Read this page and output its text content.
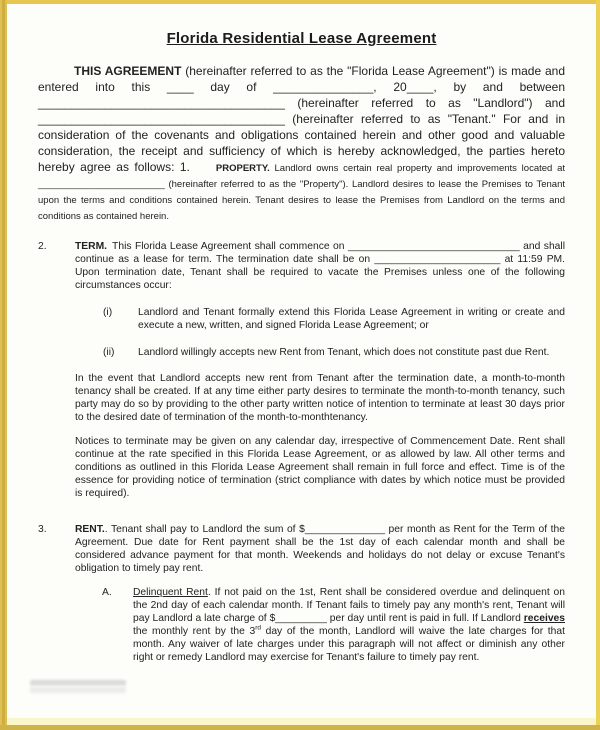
Florida Residential Lease Agreement

THIS AGREEMENT (hereinafter referred to as the "Florida Lease Agreement") is made and entered into this ____ day of _______________, 20____, by and between _____________________________________ (hereinafter referred to as "Landlord") and _____________________________________ (hereinafter referred to as "Tenant." For and in consideration of the covenants and obligations contained herein and other good and valuable consideration, the receipt and sufficiency of which is hereby acknowledged, the parties hereto hereby agree as follows: 1.	PROPERTY. Landlord owns certain real property and improvements located at ________________________ (hereinafter referred to as the "Property"). Landlord desires to lease the Premises to Tenant upon the terms and conditions contained herein. Tenant desires to lease the Premises from Landlord on the terms and conditions as contained herein.

2.	TERM. This Florida Lease Agreement shall commence on ______________________________ and shall continue as a lease for term. The termination date shall be on ______________________ at 11:59 PM. Upon termination date, Tenant shall be required to vacate the Premises unless one of the following circumstances occur:

(i)	Landlord and Tenant formally extend this Florida Lease Agreement in writing or create and execute a new, written, and signed Florida Lease Agreement; or

(ii)	Landlord willingly accepts new Rent from Tenant, which does not constitute past due Rent.

In the event that Landlord accepts new rent from Tenant after the termination date, a month-to-month tenancy shall be created. If at any time either party desires to terminate the month-to-month tenancy, such party may do so by providing to the other party written notice of intention to terminate at least 30 days prior to the desired date of termination of the month-to-monthtenancy.

Notices to terminate may be given on any calendar day, irrespective of Commencement Date. Rent shall continue at the rate specified in this Florida Lease Agreement, or as allowed by law. All other terms and conditions as outlined in this Florida Lease Agreement shall remain in full force and effect. Time is of the essence for providing notice of termination (strict compliance with dates by which notice must be provided is required).

3.	RENT.. Tenant shall pay to Landlord the sum of $______________ per month as Rent for the Term of the Agreement. Due date for Rent payment shall be the 1st day of each calendar month and shall be considered advance payment for that month. Weekends and holidays do not delay or excuse Tenant's obligation to timely pay rent.

A.	Delinquent Rent. If not paid on the 1st, Rent shall be considered overdue and delinquent on the 2nd day of each calendar month. If Tenant fails to timely pay any month's rent, Tenant will pay Landlord a late charge of $_________ per day until rent is paid in full. If Landlord receives the monthly rent by the 3rd day of the month, Landlord will waive the late charges for that month. Any waiver of late charges under this paragraph will not affect or diminish any other right or remedy Landlord may exercise for Tenant's failure to timely pay rent.
